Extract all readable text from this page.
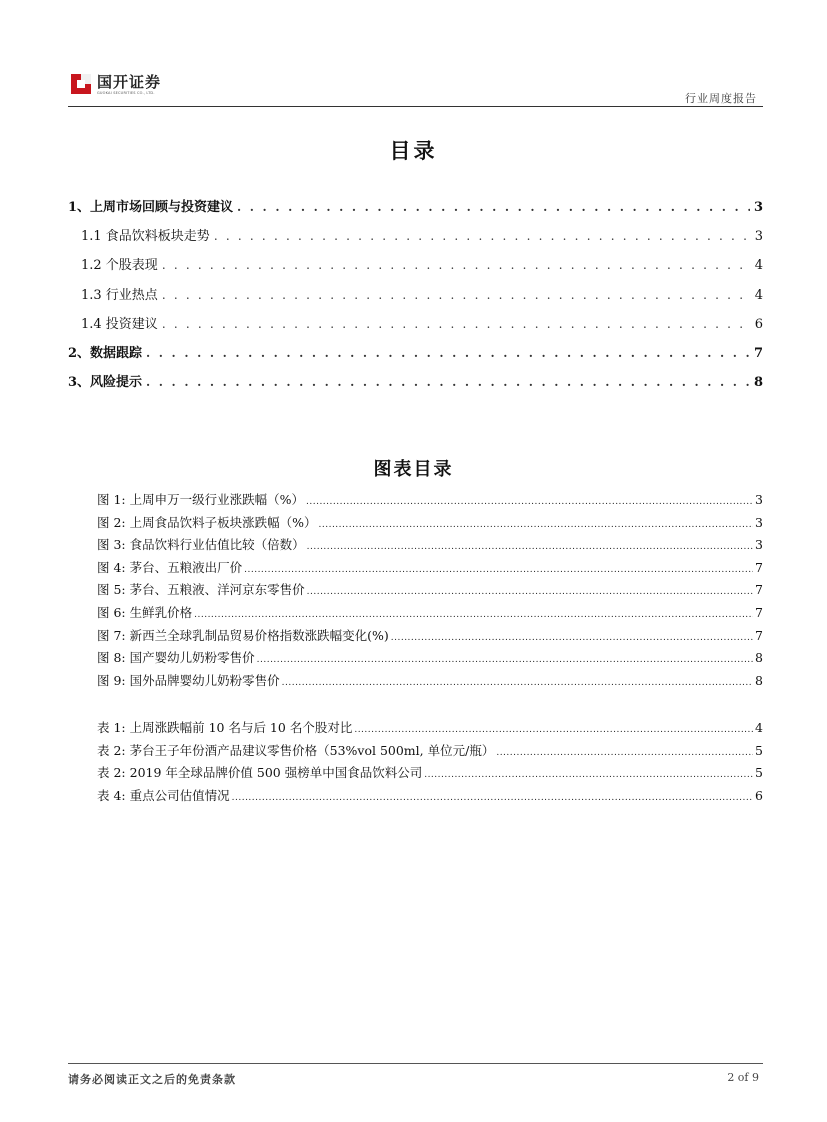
国开证券
GUOKAI SECURITIES CO., LTD.	行业周度报告
目录
1、上周市场回顾与投资建议 . . .	3
1.1 食品饮料板块走势 . . .	3
1.2 个股表现 . . .	4
1.3 行业热点 . . .	4
1.4 投资建议 . . .	6
2、数据跟踪 . . .	7
3、风险提示 . . .	8
图表目录
图 1: 上周申万一级行业涨跌幅（%） .....	3
图 2: 上周食品饮料子板块涨跌幅（%） .....	3
图 3: 食品饮料行业估值比较（倍数） .....	3
图 4: 茅台、五粮液出厂价 .....	7
图 5: 茅台、五粮液、洋河京东零售价 .....	7
图 6: 生鲜乳价格 .....	7
图 7: 新西兰全球乳制品贸易价格指数涨跌幅变化(%) .....	7
图 8: 国产婴幼儿奶粉零售价 .....	8
图 9: 国外品牌婴幼儿奶粉零售价 .....	8
表 1: 上周涨跌幅前 10 名与后 10 名个股对比 .....	4
表 2: 茅台王子年份酒产品建议零售价格（53%vol 500ml, 单位元/瓶） .....	5
表 2: 2019 年全球品牌价值 500 强榜单中国食品饮料公司 .....	5
表 4: 重点公司估值情况 .....	6
请务必阅读正文之后的免责条款	2 of 9
